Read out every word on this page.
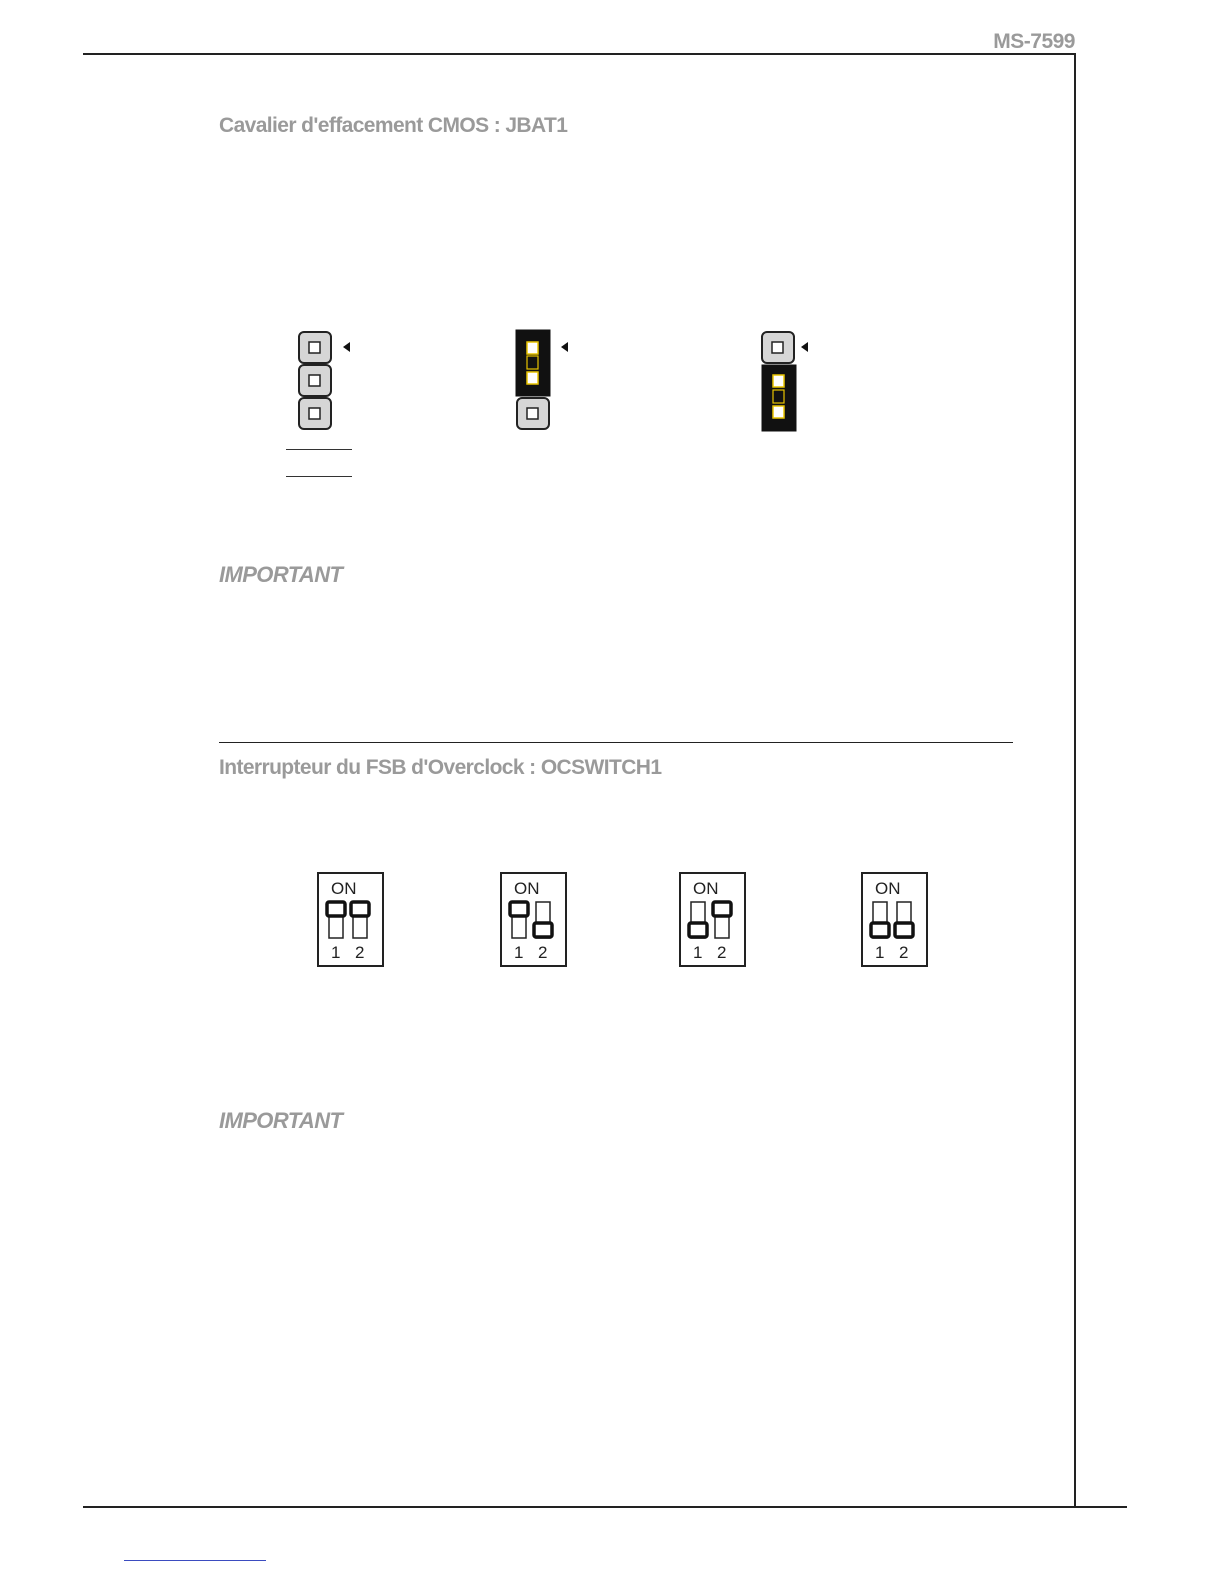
MS-7599
Cavalier d'effacement CMOS : JBAT1
IMPORTANT
Interrupteur du FSB d'Overclock : OCSWITCH1
ON
1 2
ON
1 2
ON
1 2
ON
1 2
IMPORTANT
